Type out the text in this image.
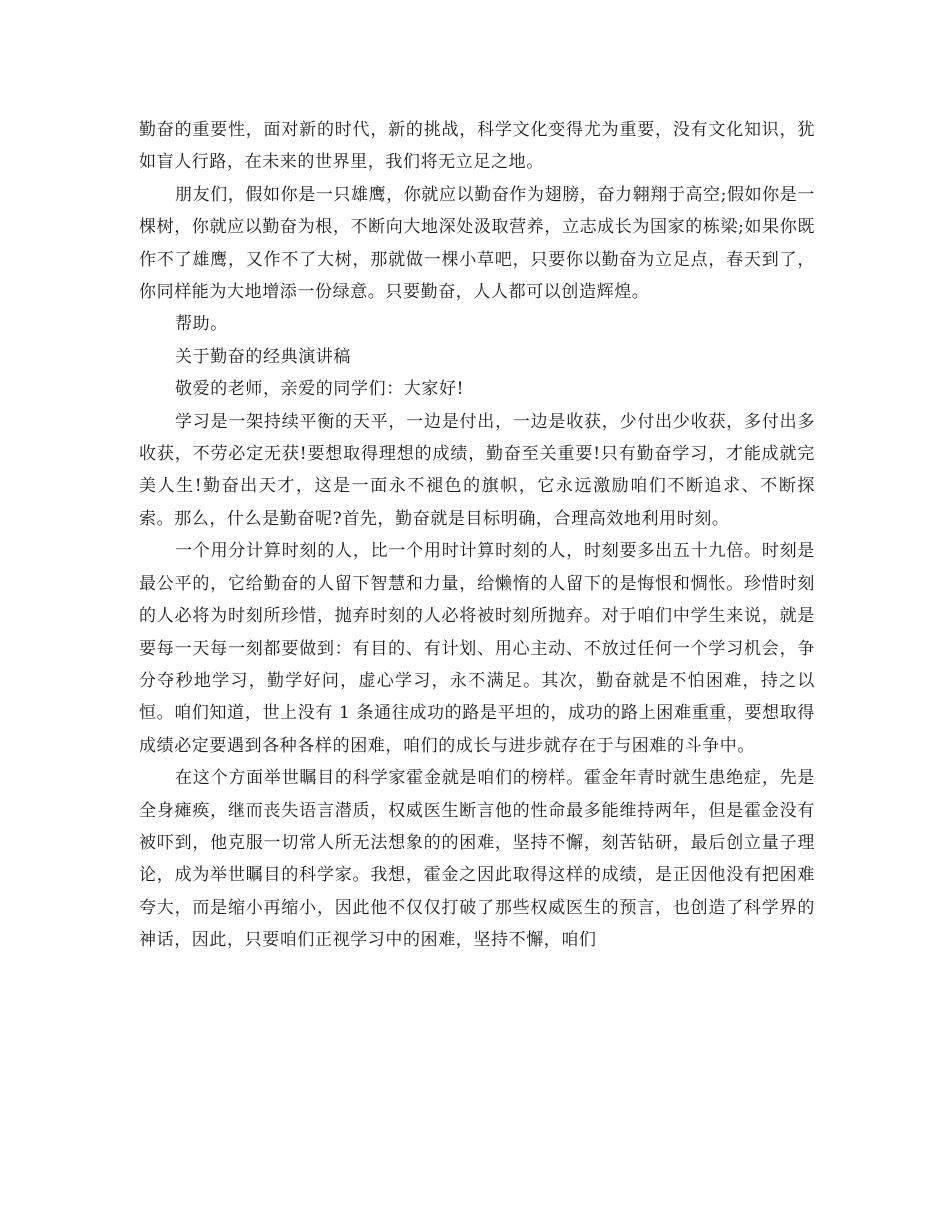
勤奋的重要性，面对新的时代，新的挑战，科学文化变得尤为重要，没有文化知识，犹如盲人行路，在未来的世界里，我们将无立足之地。

朋友们，假如你是一只雄鹰，你就应以勤奋作为翅膀，奋力翱翔于高空;假如你是一棵树，你就应以勤奋为根，不断向大地深处汲取营养，立志成长为国家的栋梁;如果你既作不了雄鹰，又作不了大树，那就做一棵小草吧，只要你以勤奋为立足点，春天到了，你同样能为大地增添一份绿意。只要勤奋，人人都可以创造辉煌。

帮助。

关于勤奋的经典演讲稿

敬爱的老师，亲爱的同学们：大家好!

学习是一架持续平衡的天平，一边是付出，一边是收获，少付出少收获，多付出多收获，不劳必定无获!要想取得理想的成绩，勤奋至关重要!只有勤奋学习，才能成就完美人生!勤奋出天才，这是一面永不褪色的旗帜，它永远激励咱们不断追求、不断探索。那么，什么是勤奋呢?首先，勤奋就是目标明确，合理高效地利用时刻。

一个用分计算时刻的人，比一个用时计算时刻的人，时刻要多出五十九倍。时刻是最公平的，它给勤奋的人留下智慧和力量，给懒惰的人留下的是悔恨和惆怅。珍惜时刻的人必将为时刻所珍惜，抛弃时刻的人必将被时刻所抛弃。对于咱们中学生来说，就是要每一天每一刻都要做到：有目的、有计划、用心主动、不放过任何一个学习机会，争分夺秒地学习，勤学好问，虚心学习，永不满足。其次，勤奋就是不怕困难，持之以恒。咱们知道，世上没有 1 条通往成功的路是平坦的，成功的路上困难重重，要想取得成绩必定要遇到各种各样的困难，咱们的成长与进步就存在于与困难的斗争中。

在这个方面举世瞩目的科学家霍金就是咱们的榜样。霍金年青时就生患绝症，先是全身瘫痪，继而丧失语言潜质，权威医生断言他的性命最多能维持两年，但是霍金没有被吓到，他克服一切常人所无法想象的的困难，坚持不懈，刻苦钻研，最后创立量子理论，成为举世瞩目的科学家。我想，霍金之因此取得这样的成绩，是正因他没有把困难夸大，而是缩小再缩小，因此他不仅仅打破了那些权威医生的预言，也创造了科学界的神话，因此，只要咱们正视学习中的困难，坚持不懈，咱们
